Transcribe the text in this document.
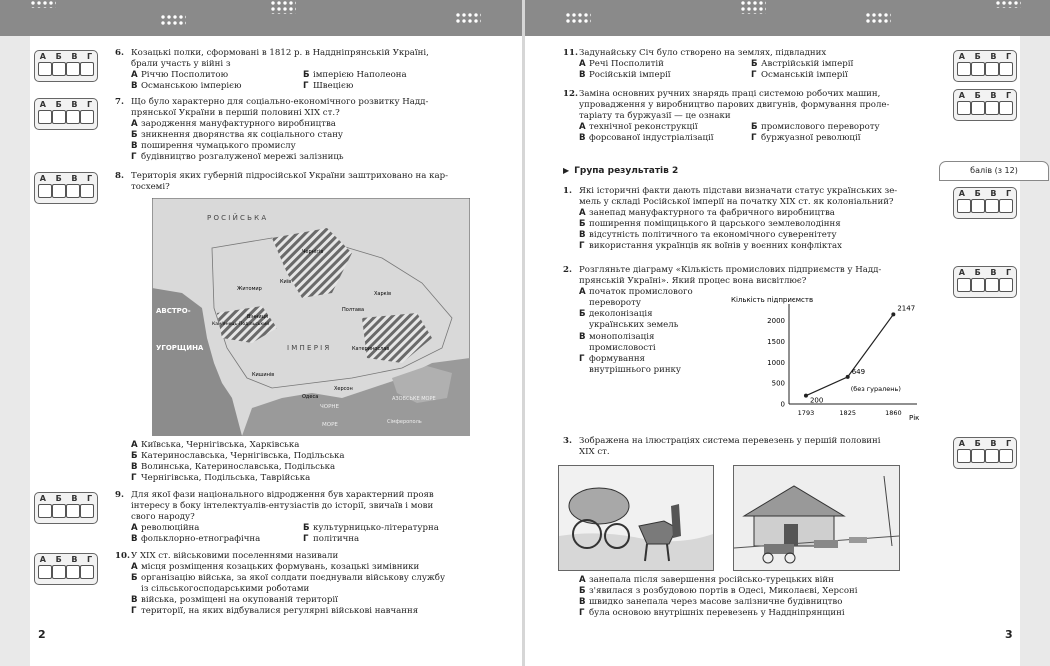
2
А Б В Г
А Б В Г
А Б В Г
А Б В Г
А Б В Г
6. Козацькі полки, сформовані в 1812 р. в Наддніпрянській Україні,
брали участь у війні з
А Річчю Посполитою	Б імперією Наполеона
В Османською імперією	Г Швецією
7. Що було характерно для соціально-економічного розвитку Надд-
прянської України в першій половині XIX ст.?
А зародження мануфактурного виробництва
Б зникнення дворянства як соціального стану
В поширення чумацького промислу
Г будівництво розгалуженої мережі залізниць
8. Територія яких губерній підросійської України заштриховано на кар-
тосхемі?
Р О С І Й С Ь К А
І М П Е Р І Я
АВСТРО-
УГОРЩИНА
ЧОРНЕ
МОРЕ
АЗОВСЬКЕ МОРЕ
Житомир
Київ
Чернігів
Полтава
Харків
Кам'янець-Подільський
Катеринослав
Вінниця
Одеса
Херсон
Сімферополь
Кишинів
А Київська, Чернігівська, Харківська
Б Катеринославська, Чернігівська, Подільська
В Волинська, Катеринославська, Подільська
Г Чернігівська, Подільська, Таврійська
9. Для якої фази національного відродження був характерний прояв
інтересу в боку інтелектуалів-ентузіастів до історії, звичаїв і мови
свого народу?
А революційна	Б культурницько-літературна
В фольклорно-етнографічна	Г політична
10.У XIX ст. військовими поселеннями називали
А місця розміщення козацьких формувань, козацькі зимівники
Б організацію війська, за якої солдати поєднували військову службу
із сільськогосподарськими роботами
В війська, розміщені на окупованій території
Г території, на яких відбувалися регулярні військові навчання
3
А Б В Г
А Б В Г
А Б В Г
А Б В Г
А Б В Г
балів (з 12)
11.Задунайську Січ було створено на землях, підвладних
А Речі Посполитій	Б Австрійській імперії
В Російській імперії	Г Османській імперії
12.Заміна основних ручних знарядь праці системою робочих машин,
упровадження у виробництво парових двигунів, формування проле-
таріату та буржуазії — це ознаки
А технічної реконструкції	Б промислового перевороту
В форсованої індустріалізації	Г буржуазної революції
▶ Група результатів 2
1. Які історичні факти дають підстави визначати статус українських зе-
мель у складі Російської імперії на початку XIX ст. як колоніальний?
А занепад мануфактурного та фабричного виробництва
Б поширення поміщицького й царського землеволодіння
В відсутність політичного та економічного суверенітету
Г використання українців як воїнів у воєнних конфліктах
2. Розгляньте діаграму «Кількість промислових підприємств у Надд-
прянській Україні». Який процес вона висвітлює?
А початок промислового
перевороту
Б деколонізація
українських земель
В монополізація
промисловості
Г формування
внутрішнього ринку
Кількість підприємств
Рік
(без гуралень)
0
500
1000
1500
2000
1793	1825	1860
200
649
2147
3. Зображена на ілюстраціях система перевезень у першій половині
XIX ст.
А занепала після завершення російсько-турецьких війн
Б з'явилася з розбудовою портів в Одесі, Миколаєві, Херсоні
В швидко занепала через масове залізничне будівництво
Г була основою внутрішніх перевезень у Наддніпрянщині
